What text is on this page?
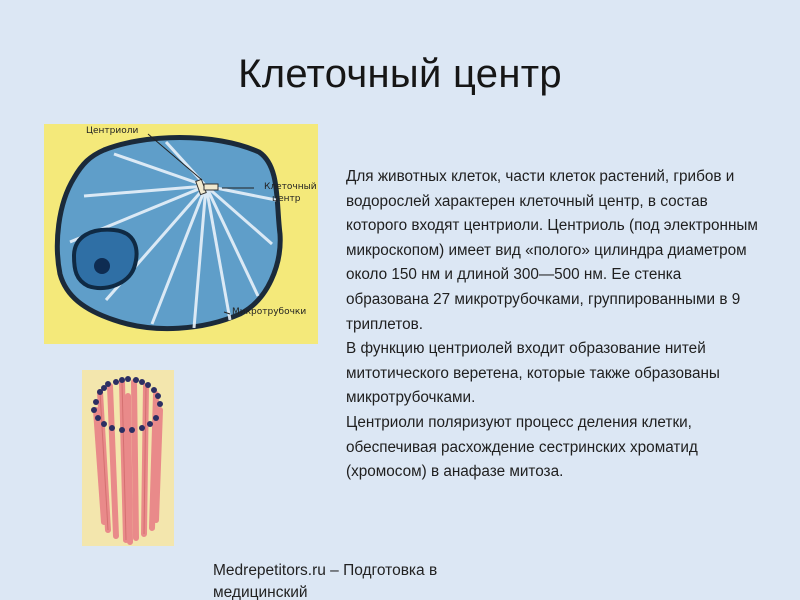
Клеточный центр
Центриоли
Клеточный
центр
Микротрубочки

Для животных клеток, части клеток растений, грибов и водорослей характерен клеточный центр, в состав которого входят центриоли. Центриоль (под электронным микроскопом) имеет вид «полого» цилиндра диаметром около 150 нм и длиной 300—500 нм. Ее стенка образована 27 микротрубочками, группированными в 9 триплетов.

В функцию центриолей входит образование нитей митотического веретена, которые также образованы микротрубочками.

Центриоли поляризуют процесс деления клетки, обеспечивая расхождение сестринских хроматид (хромосом) в анафазе митоза.

Medrepetitors.ru – Подготовка в медицинский
